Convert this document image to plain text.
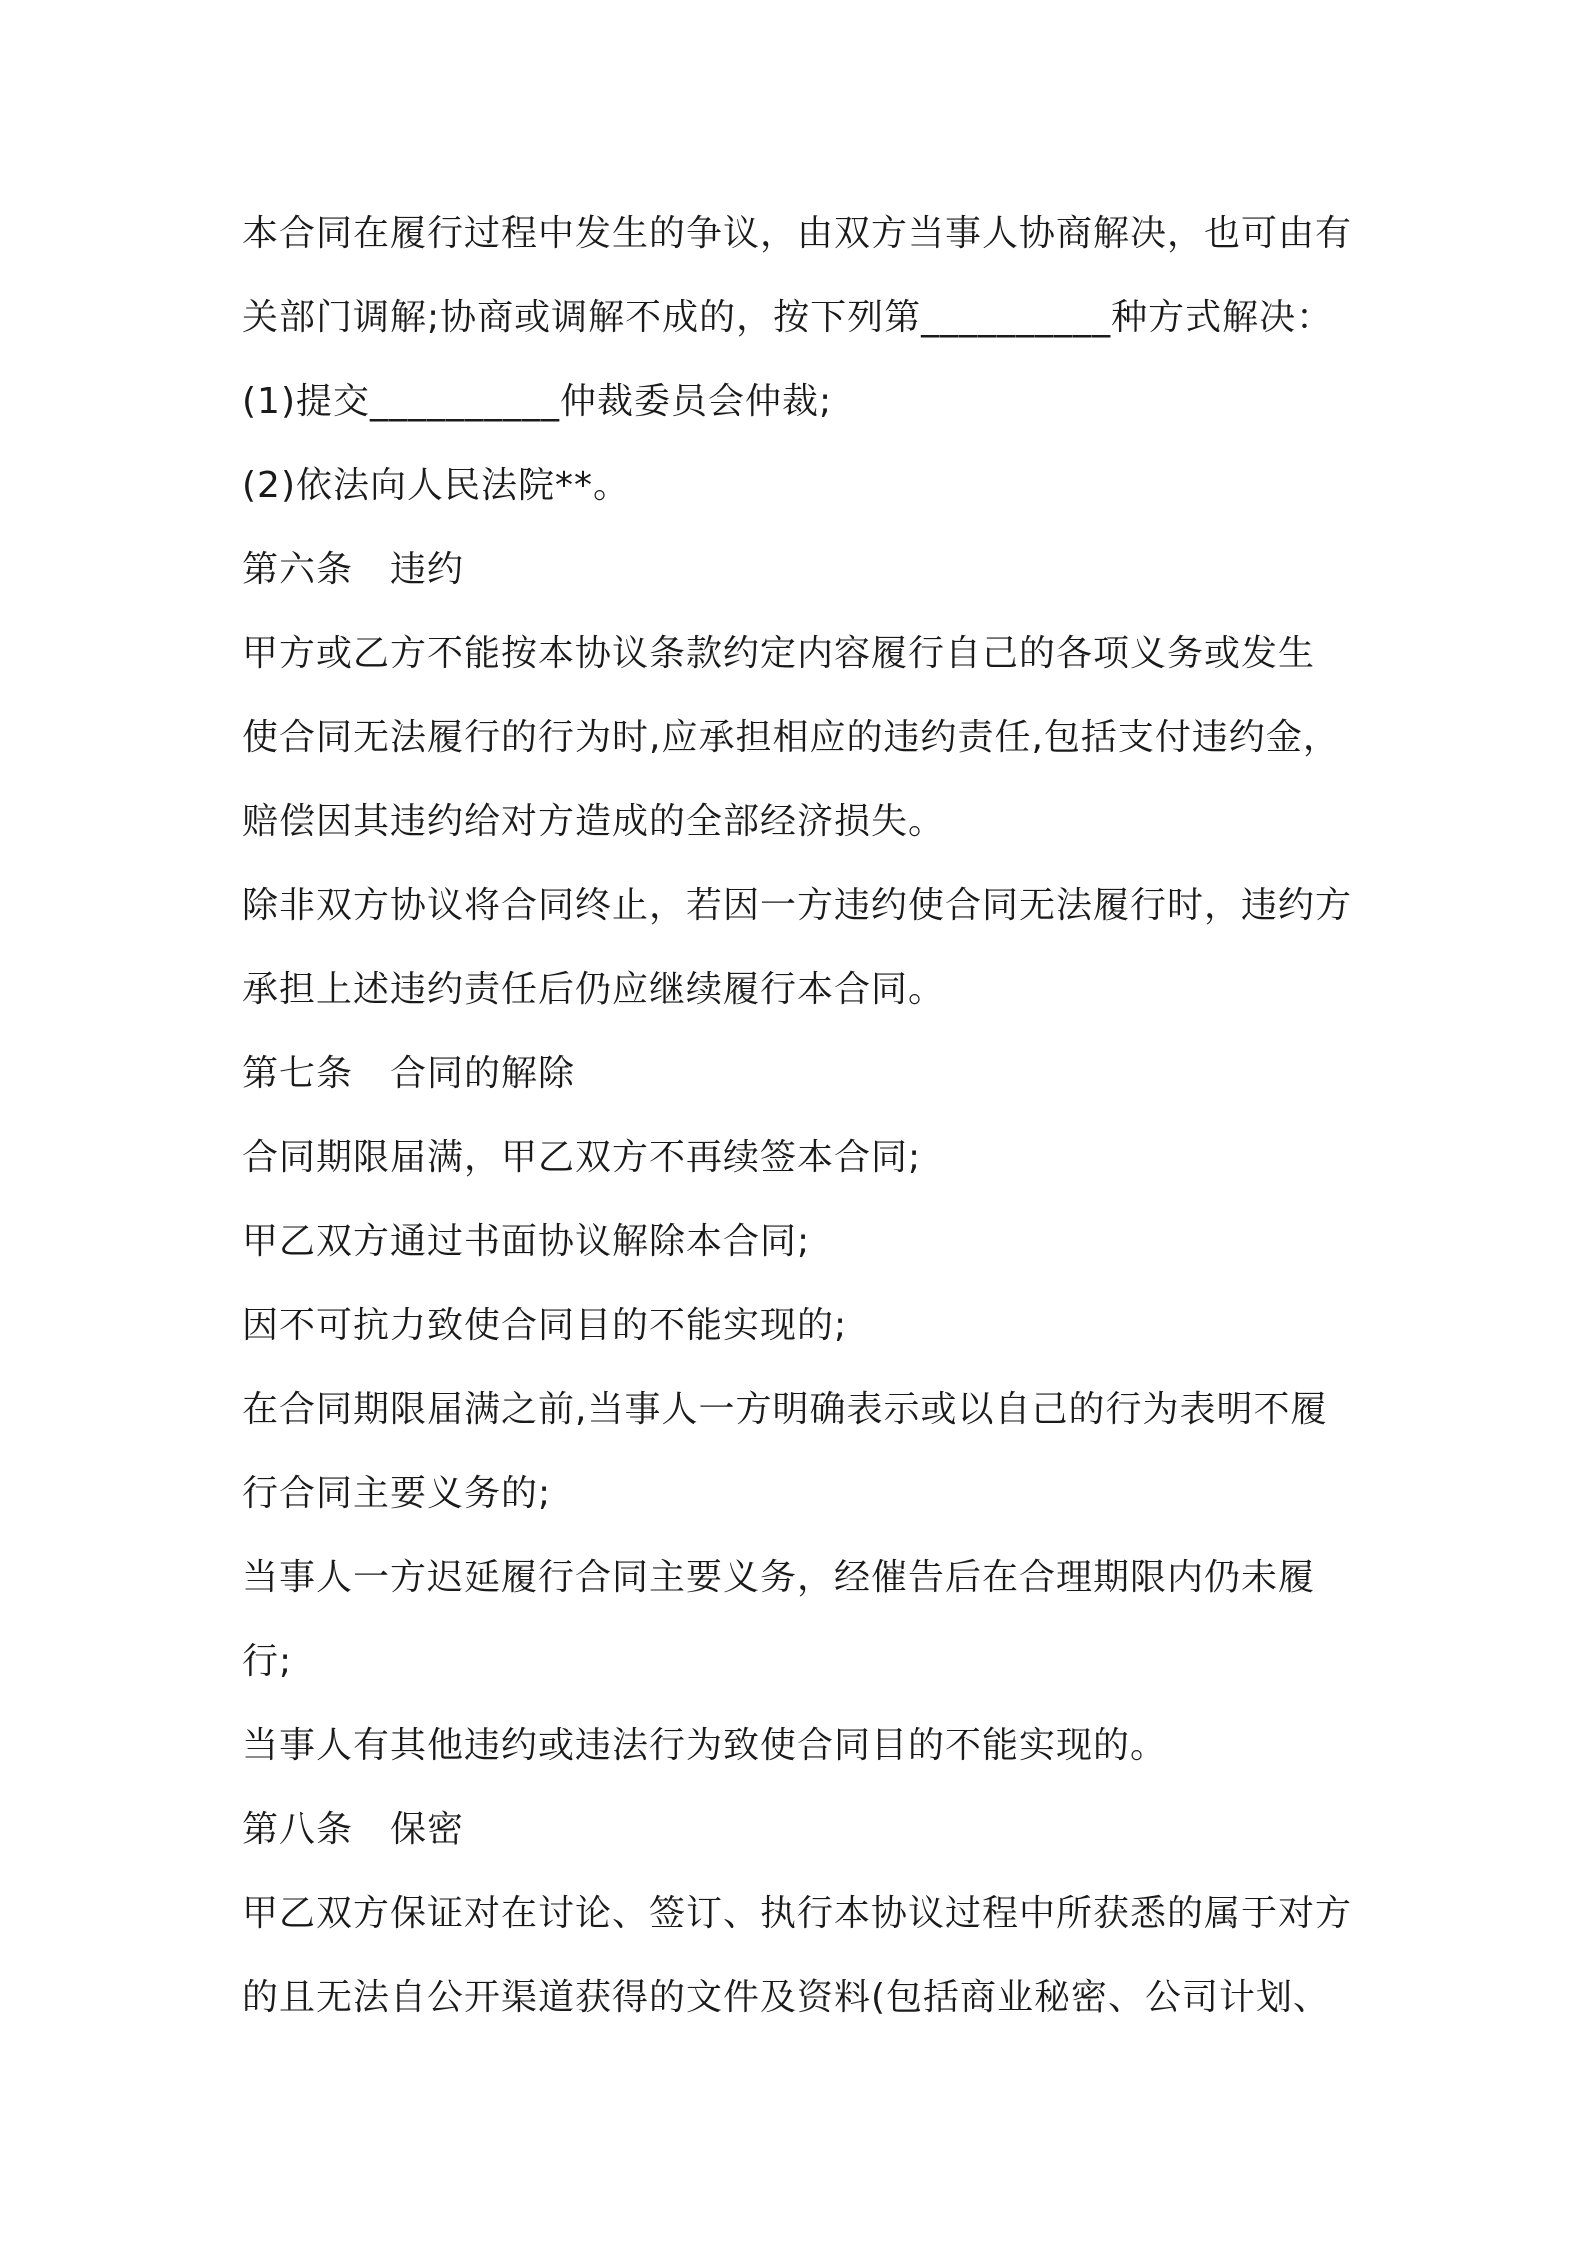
本合同在履行过程中发生的争议，由双方当事人协商解决，也可由有
关部门调解;协商或调解不成的，按下列第__________种方式解决：
(1)提交__________仲裁委员会仲裁;
(2)依法向人民法院**。
第六条　违约
甲方或乙方不能按本协议条款约定内容履行自己的各项义务或发生
使合同无法履行的行为时,应承担相应的违约责任,包括支付违约金，
赔偿因其违约给对方造成的全部经济损失。
除非双方协议将合同终止，若因一方违约使合同无法履行时，违约方
承担上述违约责任后仍应继续履行本合同。
第七条　合同的解除
合同期限届满，甲乙双方不再续签本合同;
甲乙双方通过书面协议解除本合同;
因不可抗力致使合同目的不能实现的;
在合同期限届满之前,当事人一方明确表示或以自己的行为表明不履
行合同主要义务的;
当事人一方迟延履行合同主要义务，经催告后在合理期限内仍未履
行;
当事人有其他违约或违法行为致使合同目的不能实现的。
第八条　保密
甲乙双方保证对在讨论、签订、执行本协议过程中所获悉的属于对方
的且无法自公开渠道获得的文件及资料(包括商业秘密、公司计划、
